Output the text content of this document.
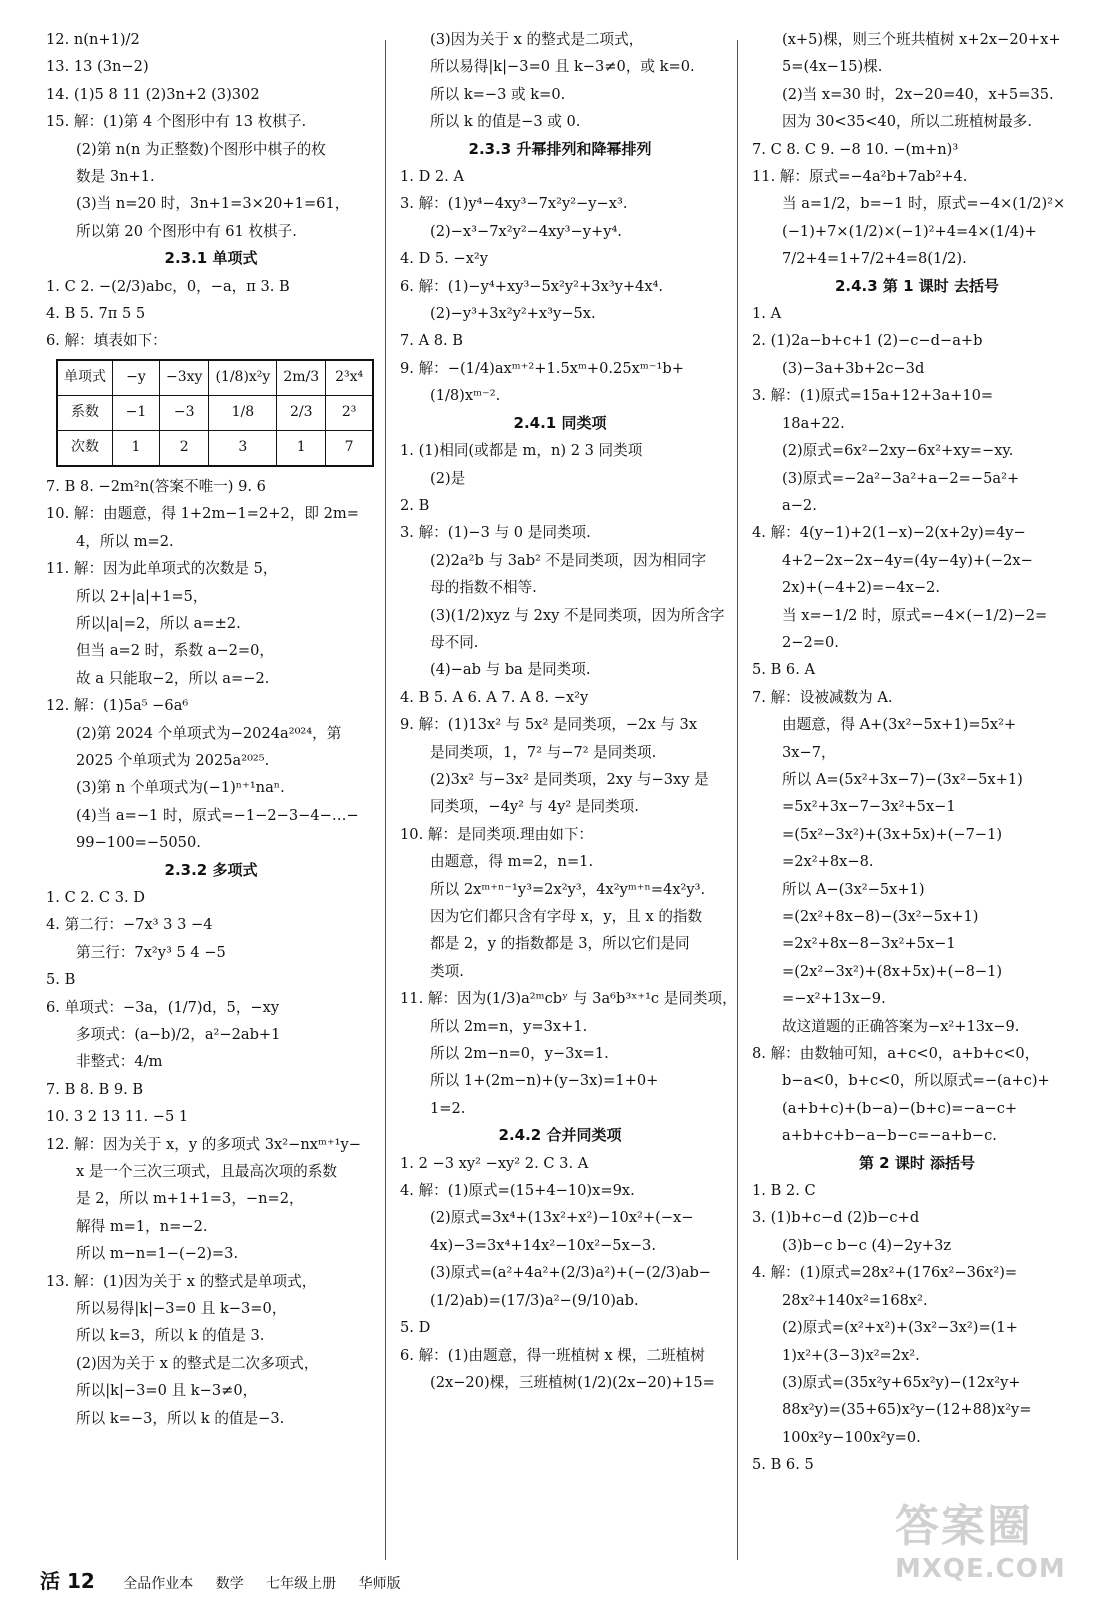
12. n(n+1)/2
13. 13 (3n−2)
14. (1)5 8 11 (2)3n+2 (3)302
15. 解：(1)第 4 个图形中有 13 枚棋子.
(2)第 n(n 为正整数)个图形中棋子的枚
数是 3n+1.
(3)当 n=20 时，3n+1=3×20+1=61，
所以第 20 个图形中有 61 枚棋子.
2.3.1 单项式
1. C 2. −(2/3)abc，0，−a，π 3. B
4. B 5. 7π 5 5
6. 解：填表如下：
单项式	−y	−3xy	(1/8)x²y	2m/3	2³x⁴
系数	−1	−3	1/8	2/3	2³
次数	1	2	3	1	7
7. B 8. −2m²n(答案不唯一) 9. 6
10. 解：由题意，得 1+2m−1=2+2，即 2m=
4，所以 m=2.
11. 解：因为此单项式的次数是 5，
所以 2+|a|+1=5，
所以|a|=2，所以 a=±2.
但当 a=2 时，系数 a−2=0，
故 a 只能取−2，所以 a=−2.
12. 解：(1)5a⁵ −6a⁶
(2)第 2024 个单项式为−2024a²⁰²⁴，第
2025 个单项式为 2025a²⁰²⁵.
(3)第 n 个单项式为(−1)ⁿ⁺¹naⁿ.
(4)当 a=−1 时，原式=−1−2−3−4−…−
99−100=−5050.
2.3.2 多项式
1. C 2. C 3. D
4. 第二行：−7x³ 3 3 −4
第三行：7x²y³ 5 4 −5
5. B
6. 单项式：−3a，(1/7)d，5，−xy
多项式：(a−b)/2，a²−2ab+1
非整式：4/m
7. B 8. B 9. B
10. 3 2 13 11. −5 1
12. 解：因为关于 x，y 的多项式 3x²−nxᵐ⁺¹y−
x 是一个三次三项式，且最高次项的系数
是 2，所以 m+1+1=3，−n=2，
解得 m=1，n=−2.
所以 m−n=1−(−2)=3.
13. 解：(1)因为关于 x 的整式是单项式，
所以易得|k|−3=0 且 k−3=0，
所以 k=3，所以 k 的值是 3.
(2)因为关于 x 的整式是二次多项式，
所以|k|−3=0 且 k−3≠0，
所以 k=−3，所以 k 的值是−3.
(3)因为关于 x 的整式是二项式，
所以易得|k|−3=0 且 k−3≠0，或 k=0.
所以 k=−3 或 k=0.
所以 k 的值是−3 或 0.
2.3.3 升幂排列和降幂排列
1. D 2. A
3. 解：(1)y⁴−4xy³−7x²y²−y−x³.
(2)−x³−7x²y²−4xy³−y+y⁴.
4. D 5. −x²y
6. 解：(1)−y⁴+xy³−5x²y²+3x³y+4x⁴.
(2)−y³+3x²y²+x³y−5x.
7. A 8. B
9. 解：−(1/4)axᵐ⁺²+1.5xᵐ+0.25xᵐ⁻¹b+
(1/8)xᵐ⁻².
2.4.1 同类项
1. (1)相同(或都是 m，n) 2 3 同类项
(2)是
2. B
3. 解：(1)−3 与 0 是同类项.
(2)2a²b 与 3ab² 不是同类项，因为相同字
母的指数不相等.
(3)(1/2)xyz 与 2xy 不是同类项，因为所含字
母不同.
(4)−ab 与 ba 是同类项.
4. B 5. A 6. A 7. A 8. −x²y
9. 解：(1)13x² 与 5x² 是同类项，−2x 与 3x
是同类项，1，7² 与−7² 是同类项.
(2)3x² 与−3x² 是同类项，2xy 与−3xy 是
同类项，−4y² 与 4y² 是同类项.
10. 解：是同类项.理由如下：
由题意，得 m=2，n=1.
所以 2xᵐ⁺ⁿ⁻¹y³=2x²y³，4x²yᵐ⁺ⁿ=4x²y³.
因为它们都只含有字母 x，y，且 x 的指数
都是 2，y 的指数都是 3，所以它们是同
类项.
11. 解：因为(1/3)a²ᵐcbʸ 与 3a⁶b³ˣ⁺¹c 是同类项，
所以 2m=n，y=3x+1.
所以 2m−n=0，y−3x=1.
所以 1+(2m−n)+(y−3x)=1+0+
1=2.
2.4.2 合并同类项
1. 2 −3 xy² −xy² 2. C 3. A
4. 解：(1)原式=(15+4−10)x=9x.
(2)原式=3x⁴+(13x²+x²)−10x²+(−x−
4x)−3=3x⁴+14x²−10x²−5x−3.
(3)原式=(a²+4a²+(2/3)a²)+(−(2/3)ab−
(1/2)ab)=(17/3)a²−(9/10)ab.
5. D
6. 解：(1)由题意，得一班植树 x 棵，二班植树
(2x−20)棵，三班植树(1/2)(2x−20)+15=
(x+5)棵，则三个班共植树 x+2x−20+x+
5=(4x−15)棵.
(2)当 x=30 时，2x−20=40，x+5=35.
因为 30<35<40，所以二班植树最多.
7. C 8. C 9. −8 10. −(m+n)³
11. 解：原式=−4a²b+7ab²+4.
当 a=1/2，b=−1 时，原式=−4×(1/2)²×
(−1)+7×(1/2)×(−1)²+4=4×(1/4)+
7/2+4=1+7/2+4=8(1/2).
2.4.3 第 1 课时 去括号
1. A
2. (1)2a−b+c+1 (2)−c−d−a+b
(3)−3a+3b+2c−3d
3. 解：(1)原式=15a+12+3a+10=
18a+22.
(2)原式=6x²−2xy−6x²+xy=−xy.
(3)原式=−2a²−3a²+a−2=−5a²+
a−2.
4. 解：4(y−1)+2(1−x)−2(x+2y)=4y−
4+2−2x−2x−4y=(4y−4y)+(−2x−
2x)+(−4+2)=−4x−2.
当 x=−1/2 时，原式=−4×(−1/2)−2=
2−2=0.
5. B 6. A
7. 解：设被减数为 A.
由题意，得 A+(3x²−5x+1)=5x²+
3x−7，
所以 A=(5x²+3x−7)−(3x²−5x+1)
=5x²+3x−7−3x²+5x−1
=(5x²−3x²)+(3x+5x)+(−7−1)
=2x²+8x−8.
所以 A−(3x²−5x+1)
=(2x²+8x−8)−(3x²−5x+1)
=2x²+8x−8−3x²+5x−1
=(2x²−3x²)+(8x+5x)+(−8−1)
=−x²+13x−9.
故这道题的正确答案为−x²+13x−9.
8. 解：由数轴可知，a+c<0，a+b+c<0，
b−a<0，b+c<0，所以原式=−(a+c)+
(a+b+c)+(b−a)−(b+c)=−a−c+
a+b+c+b−a−b−c=−a+b−c.
第 2 课时 添括号
1. B 2. C
3. (1)b+c−d (2)b−c+d
(3)b−c b−c (4)−2y+3z
4. 解：(1)原式=28x²+(176x²−36x²)=
28x²+140x²=168x².
(2)原式=(x²+x²)+(3x²−3x²)=(1+
1)x²+(3−3)x²=2x².
(3)原式=(35x²y+65x²y)−(12x²y+
88x²y)=(35+65)x²y−(12+88)x²y=
100x²y−100x²y=0.
5. B 6. 5
活 12 全品作业本 数学 七年级上册 华师版
答案圈
MXQE.COM
